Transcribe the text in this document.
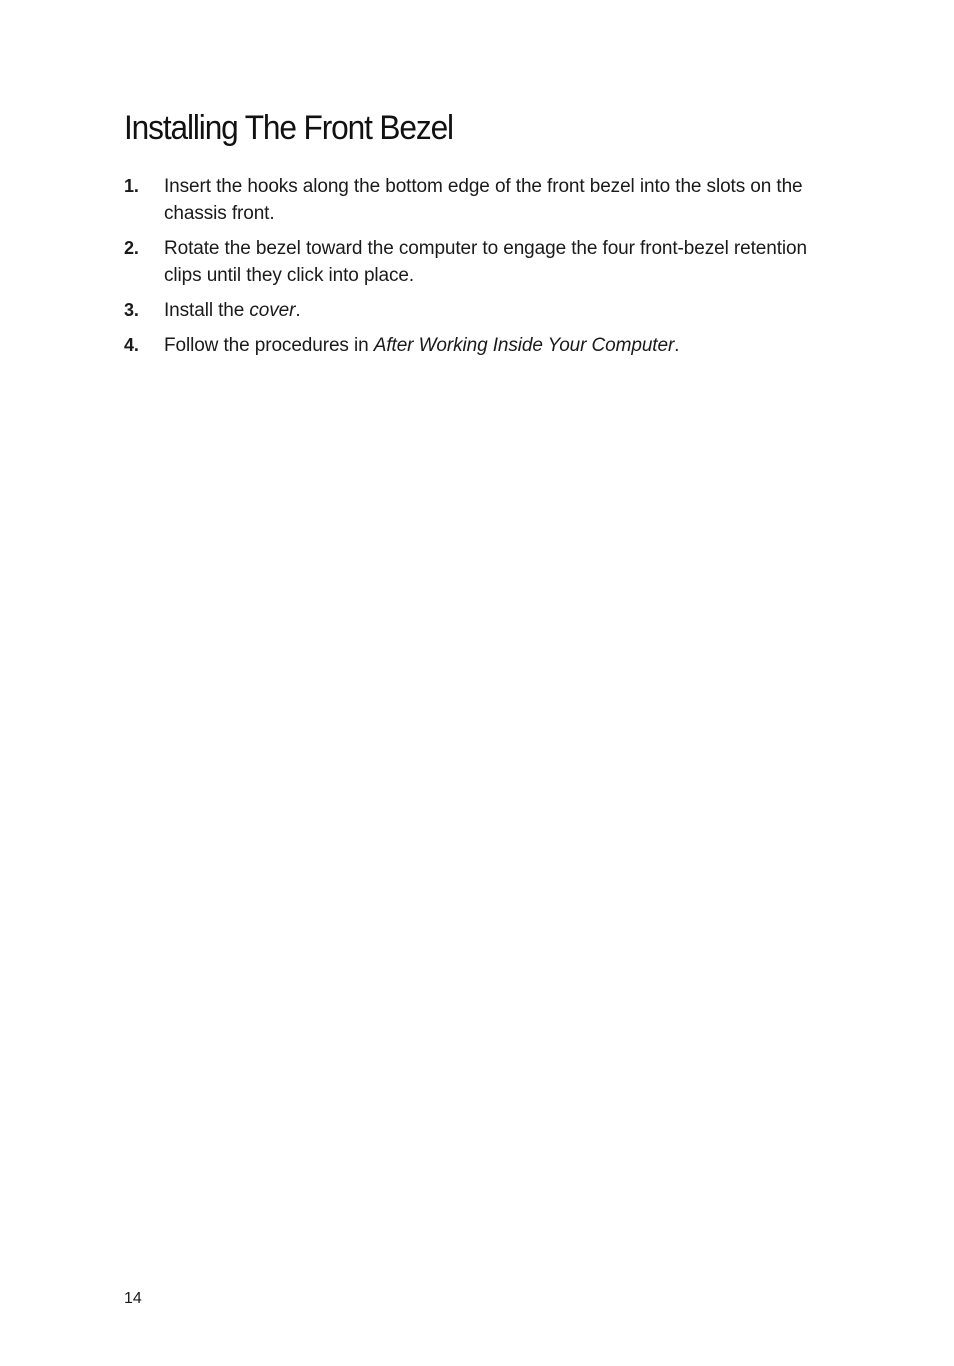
Installing The Front Bezel
1. Insert the hooks along the bottom edge of the front bezel into the slots on the chassis front.
2. Rotate the bezel toward the computer to engage the four front-bezel retention clips until they click into place.
3. Install the cover.
4. Follow the procedures in After Working Inside Your Computer.
14
